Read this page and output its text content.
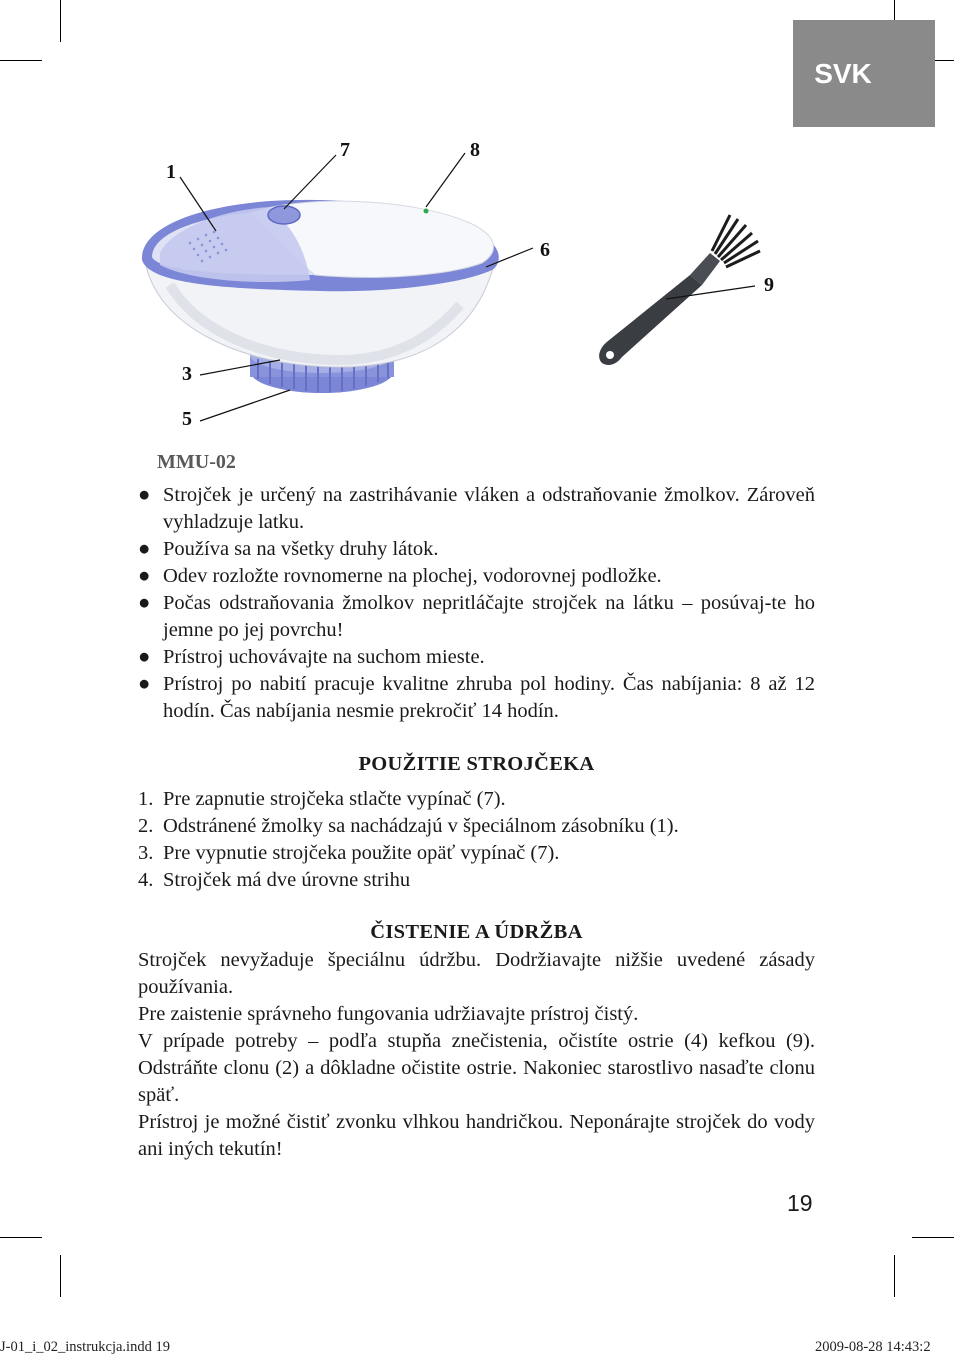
SVK
1
7	8
6
9
3
5
MMU-02
● Strojček je určený na zastrihávanie vláken a odstraňovanie žmolkov. Zároveň vyhladzuje latku.
● Používa sa na všetky druhy látok.
● Odev rozložte rovnomerne na plochej, vodorovnej podložke.
● Počas odstraňovania žmolkov nepritláčajte strojček na látku – posúvaj-te ho jemne po jej povrchu!
● Prístroj uchovávajte na suchom mieste.
● Prístroj po nabití pracuje kvalitne zhruba pol hodiny. Čas nabíjania: 8 až 12 hodín. Čas nabíjania nesmie prekročiť 14 hodín.
POUŽITIE STROJČEKA
1. Pre zapnutie strojčeka stlačte vypínač (7).
2. Odstránené žmolky sa nachádzajú v špeciálnom zásobníku (1).
3. Pre vypnutie strojčeka použite opäť vypínač (7).
4. Strojček má dve úrovne strihu
ČISTENIE A ÚDRŽBA

Strojček nevyžaduje špeciálnu údržbu. Dodržiavajte nižšie uvedené zásady používania.

Pre zaistenie správneho fungovania udržiavajte prístroj čistý.

V prípade potreby – podľa stupňa znečistenia, očistíte ostrie (4) kefkou (9). Odstráňte clonu (2) a dôkladne očistite ostrie. Nakoniec starostlivo nasaďte clonu späť.

Prístroj je možné čistiť zvonku vlhkou handričkou. Neponárajte strojček do vody ani iných tekutín!

19
J-01_i_02_instrukcja.indd 19	2009-08-28 14:43:2
